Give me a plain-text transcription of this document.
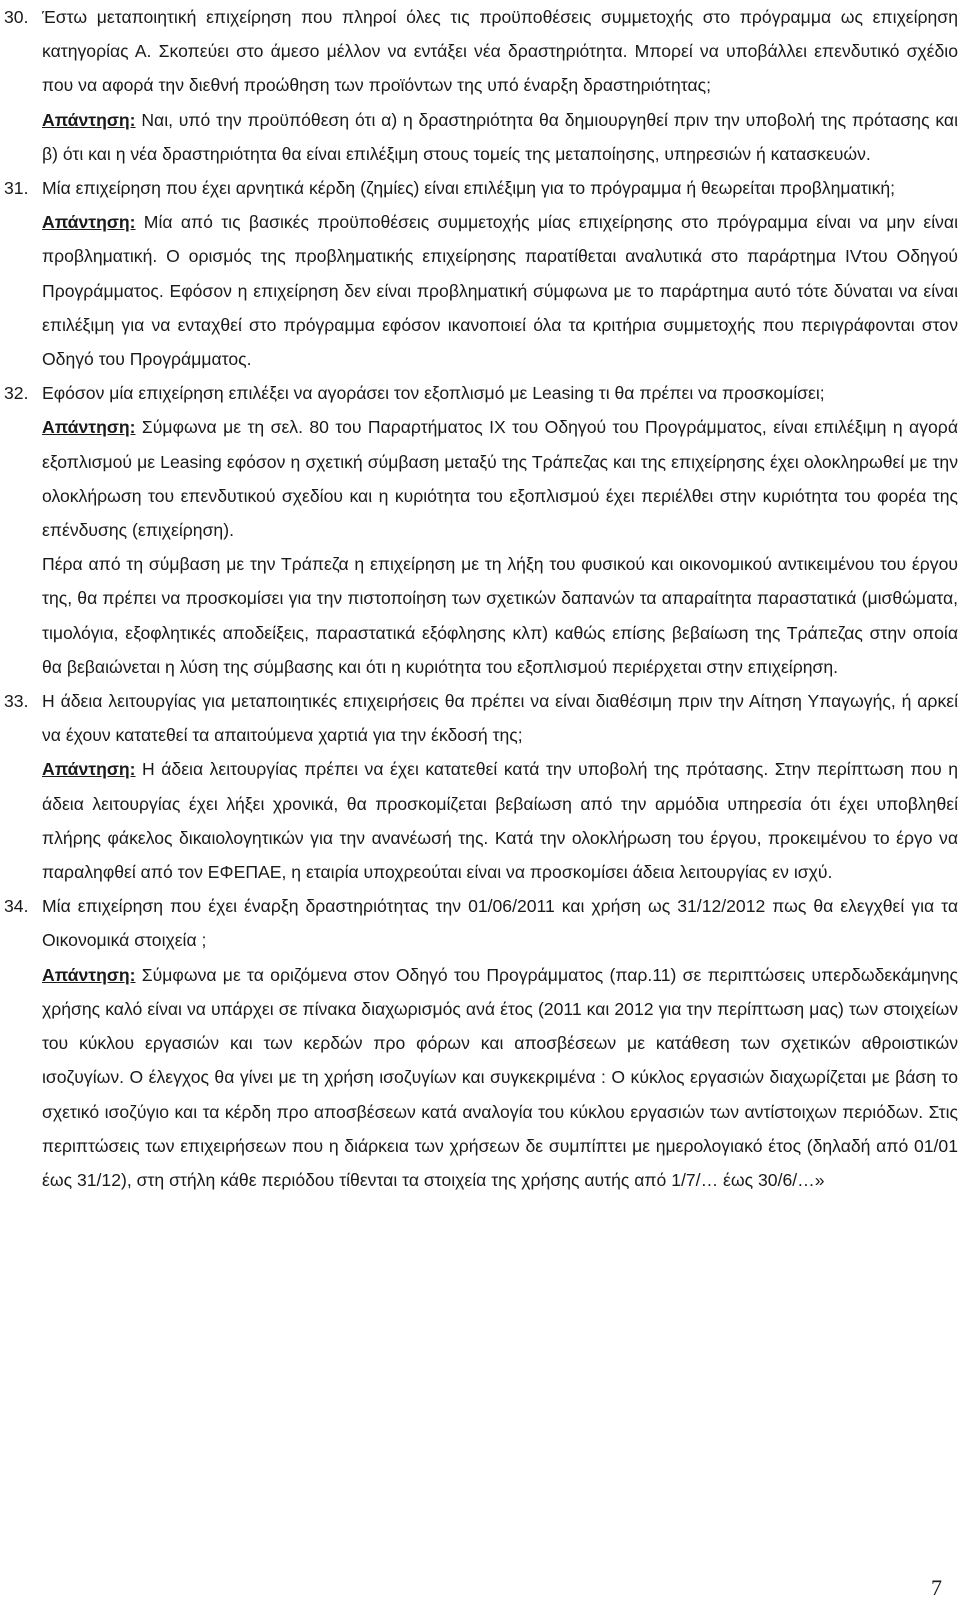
30. Έστω μεταποιητική επιχείρηση που πληροί όλες τις προϋποθέσεις συμμετοχής στο πρόγραμμα ως επιχείρηση κατηγορίας Α. Σκοπεύει στο άμεσο μέλλον να εντάξει νέα δραστηριότητα. Μπορεί να υποβάλλει επενδυτικό σχέδιο που να αφορά την διεθνή προώθηση των προϊόντων της υπό έναρξη δραστηριότητας;
Απάντηση: Ναι, υπό την προϋπόθεση ότι α) η δραστηριότητα θα δημιουργηθεί πριν την υποβολή της πρότασης και β) ότι και η νέα δραστηριότητα θα είναι επιλέξιμη στους τομείς της μεταποίησης, υπηρεσιών ή κατασκευών.
31. Μία επιχείρηση που έχει αρνητικά κέρδη (ζημίες) είναι επιλέξιμη για το πρόγραμμα ή θεωρείται προβληματική;
Απάντηση: Μία από τις βασικές προϋποθέσεις συμμετοχής μίας επιχείρησης στο πρόγραμμα είναι να μην είναι προβληματική. Ο ορισμός της προβληματικής επιχείρησης παρατίθεται αναλυτικά στο παράρτημα IVτου Οδηγού Προγράμματος. Εφόσον η επιχείρηση δεν είναι προβληματική σύμφωνα με το παράρτημα αυτό τότε δύναται να είναι επιλέξιμη για να ενταχθεί στο πρόγραμμα εφόσον ικανοποιεί όλα τα κριτήρια συμμετοχής που περιγράφονται στον Οδηγό του Προγράμματος.
32. Εφόσον μία επιχείρηση επιλέξει να αγοράσει τον εξοπλισμό με Leasing τι θα πρέπει να προσκομίσει;
Απάντηση: Σύμφωνα με τη σελ. 80 του Παραρτήματος IX του Οδηγού του Προγράμματος, είναι επιλέξιμη η αγορά εξοπλισμού με Leasing εφόσον η σχετική σύμβαση μεταξύ της Τράπεζας και της επιχείρησης έχει ολοκληρωθεί με την ολοκλήρωση του επενδυτικού σχεδίου και η κυριότητα του εξοπλισμού έχει περιέλθει στην κυριότητα του φορέα της επένδυσης (επιχείρηση).
Πέρα από τη σύμβαση με την Τράπεζα η επιχείρηση με τη λήξη του φυσικού και οικονομικού αντικειμένου του έργου της, θα πρέπει να προσκομίσει για την πιστοποίηση των σχετικών δαπανών τα απαραίτητα παραστατικά (μισθώματα, τιμολόγια, εξοφλητικές αποδείξεις, παραστατικά εξόφλησης κλπ) καθώς επίσης βεβαίωση της Τράπεζας στην οποία θα βεβαιώνεται η λύση της σύμβασης και ότι η κυριότητα του εξοπλισμού περιέρχεται στην επιχείρηση.
33. Η άδεια λειτουργίας για μεταποιητικές επιχειρήσεις θα πρέπει να είναι διαθέσιμη πριν την Αίτηση Υπαγωγής, ή αρκεί να έχουν κατατεθεί τα απαιτούμενα χαρτιά για την έκδοσή της;
Απάντηση: Η άδεια λειτουργίας πρέπει να έχει κατατεθεί κατά την υποβολή της πρότασης. Στην περίπτωση που η άδεια λειτουργίας έχει λήξει χρονικά, θα προσκομίζεται βεβαίωση από την αρμόδια υπηρεσία ότι έχει υποβληθεί πλήρης φάκελος δικαιολογητικών για την ανανέωσή της. Κατά την ολοκλήρωση του έργου, προκειμένου το έργο να παραληφθεί από τον ΕΦΕΠΑΕ, η εταιρία υποχρεούται είναι να προσκομίσει άδεια λειτουργίας εν ισχύ.
34. Μία επιχείρηση που έχει έναρξη δραστηριότητας την 01/06/2011 και χρήση ως 31/12/2012 πως θα ελεγχθεί για τα Οικονομικά στοιχεία ;
Απάντηση: Σύμφωνα με τα οριζόμενα στον Οδηγό του Προγράμματος (παρ.11) σε περιπτώσεις υπερδωδεκάμηνης χρήσης καλό είναι να υπάρχει σε πίνακα διαχωρισμός ανά έτος (2011 και 2012 για την περίπτωση μας) των στοιχείων του κύκλου εργασιών και των κερδών προ φόρων και αποσβέσεων με κατάθεση των σχετικών αθροιστικών ισοζυγίων. Ο έλεγχος θα γίνει με τη χρήση ισοζυγίων και συγκεκριμένα : Ο κύκλος εργασιών διαχωρίζεται με βάση το σχετικό ισοζύγιο και τα κέρδη προ αποσβέσεων κατά αναλογία του κύκλου εργασιών των αντίστοιχων περιόδων. Στις περιπτώσεις των επιχειρήσεων που η διάρκεια των χρήσεων δε συμπίπτει με ημερολογιακό έτος (δηλαδή από 01/01 έως 31/12), στη στήλη κάθε περιόδου τίθενται τα στοιχεία της χρήσης αυτής από 1/7/… έως 30/6/…»
7
